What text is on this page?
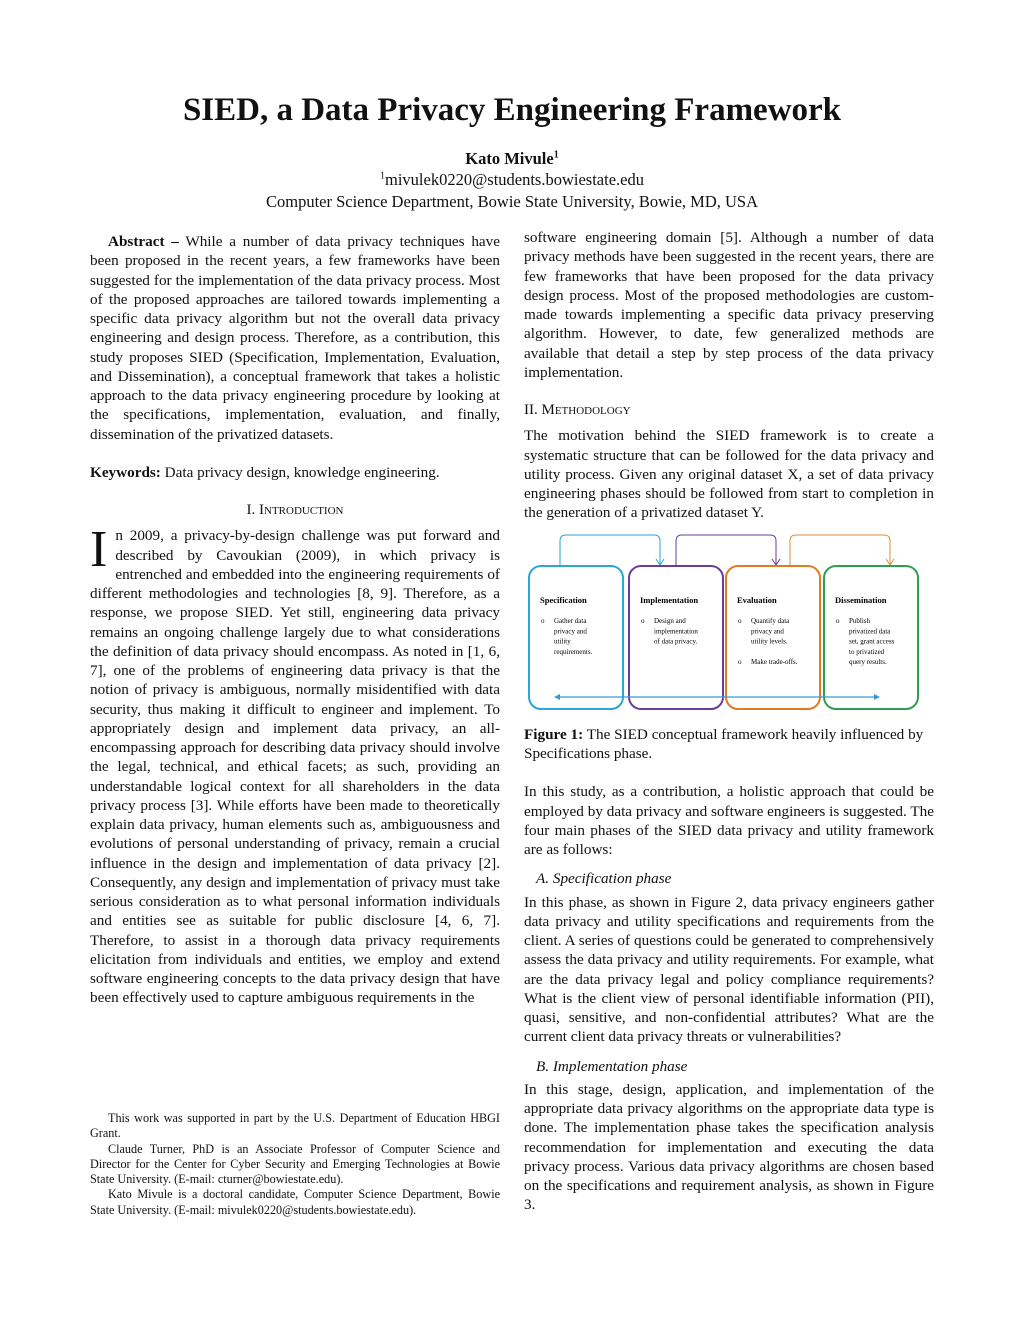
SIED, a Data Privacy Engineering Framework
Kato Mivule$^1$
$^1$mivulek0220@students.bowiestate.edu
Computer Science Department, Bowie State University, Bowie, MD, USA

Abstract – While a number of data privacy techniques have been proposed in the recent years, a few frameworks have been suggested for the implementation of the data privacy process. Most of the proposed approaches are tailored towards implementing a specific data privacy algorithm but not the overall data privacy engineering and design process. Therefore, as a contribution, this study proposes SIED (Specification, Implementation, Evaluation, and Dissemination), a conceptual framework that takes a holistic approach to the data privacy engineering procedure by looking at the specifications, implementation, evaluation, and finally, dissemination of the privatized datasets.

Keywords: Data privacy design, knowledge engineering.

I. Introduction

In 2009, a privacy-by-design challenge was put forward and described by Cavoukian (2009), in which privacy is entrenched and embedded into the engineering requirements of different methodologies and technologies [8, 9]. Therefore, as a response, we propose SIED. Yet still, engineering data privacy remains an ongoing challenge largely due to what considerations the definition of data privacy should encompass. As noted in [1, 6, 7], one of the problems of engineering data privacy is that the notion of privacy is ambiguous, normally misidentified with data security, thus making it difficult to engineer and implement. To appropriately design and implement data privacy, an all-encompassing approach for describing data privacy should involve the legal, technical, and ethical facets; as such, providing an understandable logical context for all shareholders in the data privacy process [3]. While efforts have been made to theoretically explain data privacy, human elements such as, ambiguousness and evolutions of personal understanding of privacy, remain a crucial influence in the design and implementation of data privacy [2]. Consequently, any design and implementation of privacy must take serious consideration as to what personal information individuals and entities see as suitable for public disclosure [4, 6, 7]. Therefore, to assist in a thorough data privacy requirements elicitation from individuals and entities, we employ and extend software engineering concepts to the data privacy design that have been effectively used to capture ambiguous requirements in the

This work was supported in part by the U.S. Department of Education HBGI Grant.

Claude Turner, PhD is an Associate Professor of Computer Science and Director for the Center for Cyber Security and Emerging Technologies at Bowie State University. (E-mail: cturner@bowiestate.edu).

Kato Mivule is a doctoral candidate, Computer Science Department, Bowie State University. (E-mail: mivulek0220@students.bowiestate.edu).

software engineering domain [5]. Although a number of data privacy methods have been suggested in the recent years, there are few frameworks that have been proposed for the data privacy design process. Most of the proposed methodologies are custom-made towards implementing a specific data privacy preserving algorithm. However, to date, few generalized methods are available that detail a step by step process of the data privacy implementation.

II. Methodology

The motivation behind the SIED framework is to create a systematic structure that can be followed for the data privacy and utility process. Given any original dataset X, a set of data privacy engineering phases should be followed from start to completion in the generation of a privatized dataset Y.

Specification
o Gather data
privacy and
utility
requirements.
Implementation
o Design and
implementation
of data privacy.
Evaluation
o Quantify data
privacy and
utility levels.
o Make trade-offs.
Dissemination
o Publish
privatized data
set, grant access
to privatized
query results.

Figure 1: The SIED conceptual framework heavily influenced by Specifications phase.

In this study, as a contribution, a holistic approach that could be employed by data privacy and software engineers is suggested. The four main phases of the SIED data privacy and utility framework are as follows:

A. Specification phase

In this phase, as shown in Figure 2, data privacy engineers gather data privacy and utility specifications and requirements from the client. A series of questions could be generated to comprehensively assess the data privacy and utility requirements. For example, what are the data privacy legal and policy compliance requirements? What is the client view of personal identifiable information (PII), quasi, sensitive, and non-confidential attributes? What are the current client data privacy threats or vulnerabilities?

B. Implementation phase

In this stage, design, application, and implementation of the appropriate data privacy algorithms on the appropriate data type is done. The implementation phase takes the specification analysis recommendation for implementation and executing the data privacy process. Various data privacy algorithms are chosen based on the specifications and requirement analysis, as shown in Figure 3.
